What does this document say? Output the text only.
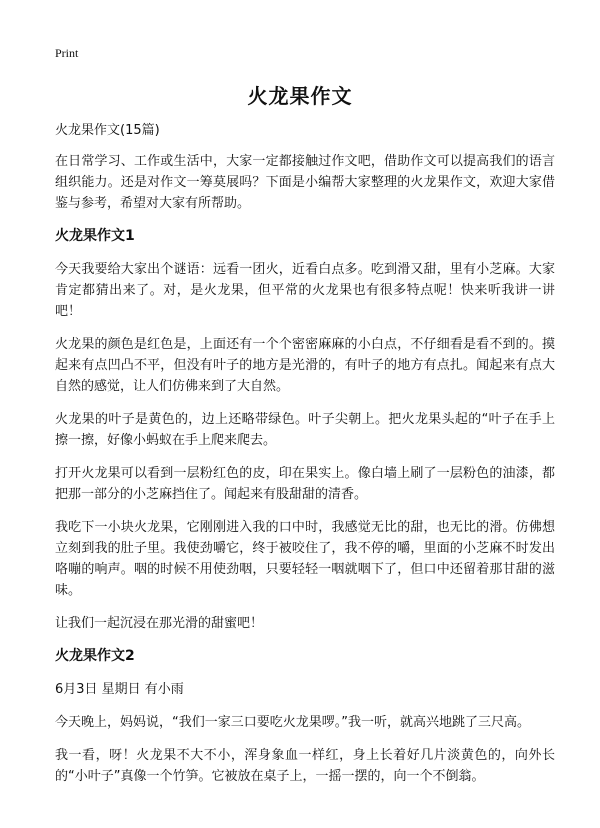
Print
火龙果作文

火龙果作文(15篇)

在日常学习、工作或生活中，大家一定都接触过作文吧，借助作文可以提高我们的语言组织能力。还是对作文一筹莫展吗？下面是小编帮大家整理的火龙果作文，欢迎大家借鉴与参考，希望对大家有所帮助。

火龙果作文1

今天我要给大家出个谜语：远看一团火，近看白点多。吃到滑又甜，里有小芝麻。大家肯定都猜出来了。对，是火龙果，但平常的火龙果也有很多特点呢！快来听我讲一讲吧！

火龙果的颜色是红色是，上面还有一个个密密麻麻的小白点，不仔细看是看不到的。摸起来有点凹凸不平，但没有叶子的地方是光滑的，有叶子的地方有点扎。闻起来有点大自然的感觉，让人们仿佛来到了大自然。

火龙果的叶子是黄色的，边上还略带绿色。叶子尖朝上。把火龙果头起的“叶子在手上擦一擦，好像小蚂蚁在手上爬来爬去。

打开火龙果可以看到一层粉红色的皮，印在果实上。像白墙上刷了一层粉色的油漆，都把那一部分的小芝麻挡住了。闻起来有股甜甜的清香。

我吃下一小块火龙果，它刚刚进入我的口中时，我感觉无比的甜，也无比的滑。仿佛想立刻到我的肚子里。我使劲嚼它，终于被咬住了，我不停的嚼，里面的小芝麻不时发出咯嘣的响声。咽的时候不用使劲咽，只要轻轻一咽就咽下了，但口中还留着那甘甜的滋味。

让我们一起沉浸在那光滑的甜蜜吧！

火龙果作文2

6月3日 星期日 有小雨

今天晚上，妈妈说，“我们一家三口要吃火龙果啰。”我一听，就高兴地跳了三尺高。

我一看，呀！火龙果不大不小，浑身象血一样红，身上长着好几片淡黄色的，向外长的“小叶子”真像一个竹笋。它被放在桌子上，一摇一摆的，向一个不倒翁。
